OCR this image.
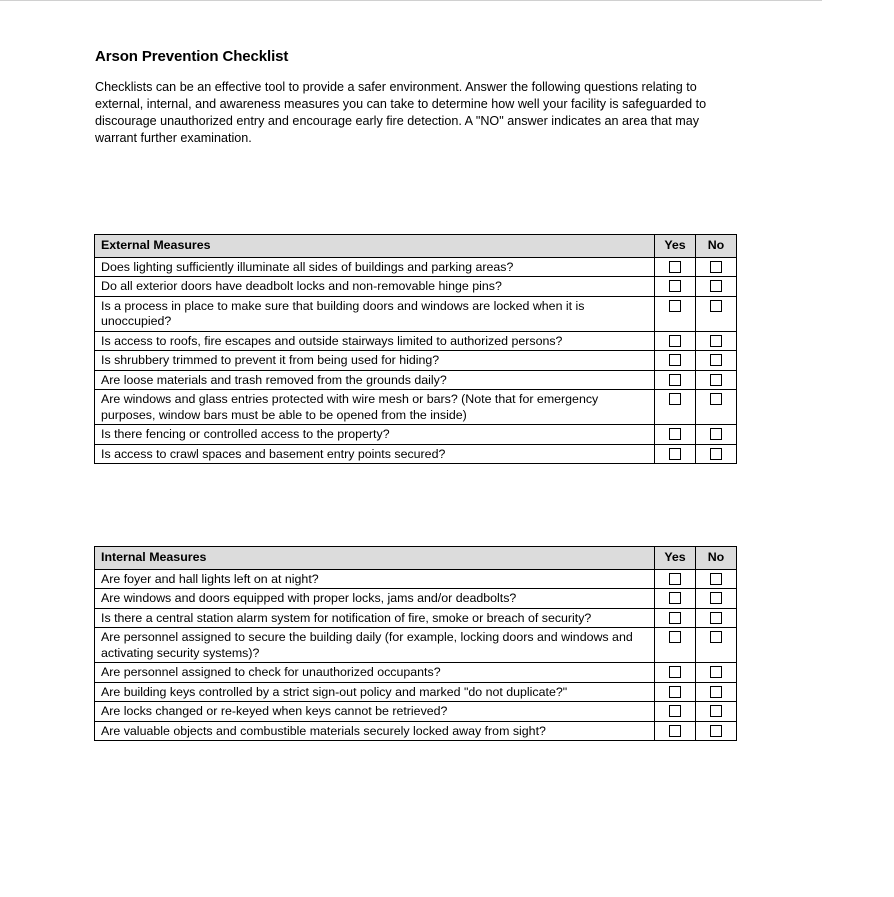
Arson Prevention Checklist

Checklists can be an effective tool to provide a safer environment. Answer the following questions relating to external, internal, and awareness measures you can take to determine how well your facility is safeguarded to discourage unauthorized entry and encourage early fire detection. A "NO" answer indicates an area that may warrant further examination.

External Measures	Yes	No
Does lighting sufficiently illuminate all sides of buildings and parking areas?		
Do all exterior doors have deadbolt locks and non-removable hinge pins?		
Is a process in place to make sure that building doors and windows are locked when it is unoccupied?		
Is access to roofs, fire escapes and outside stairways limited to authorized persons?		
Is shrubbery trimmed to prevent it from being used for hiding?		
Are loose materials and trash removed from the grounds daily?		
Are windows and glass entries protected with wire mesh or bars? (Note that for emergency purposes, window bars must be able to be opened from the inside)		
Is there fencing or controlled access to the property?		
Is access to crawl spaces and basement entry points secured?		
Internal Measures	Yes	No
Are foyer and hall lights left on at night?		
Are windows and doors equipped with proper locks, jams and/or deadbolts?		
Is there a central station alarm system for notification of fire, smoke or breach of security?		
Are personnel assigned to secure the building daily (for example, locking doors and windows and activating security systems)?		
Are personnel assigned to check for unauthorized occupants?		
Are building keys controlled by a strict sign-out policy and marked "do not duplicate?"		
Are locks changed or re-keyed when keys cannot be retrieved?		
Are valuable objects and combustible materials securely locked away from sight?		
